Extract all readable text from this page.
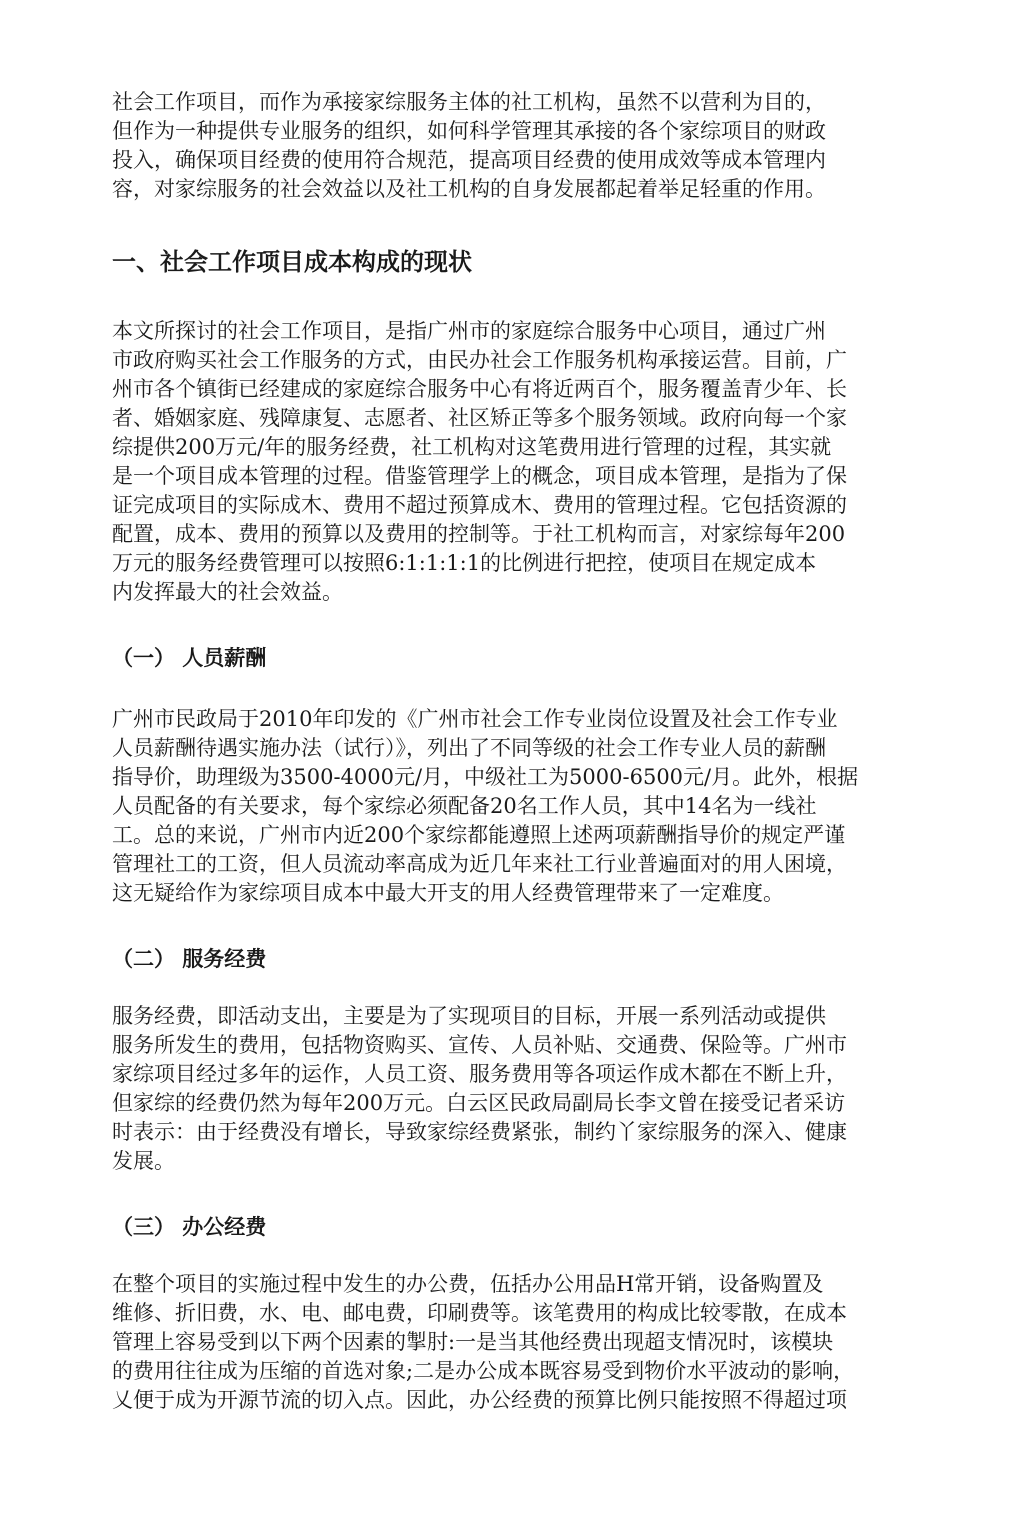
社会工作项目，而作为承接家综服务主体的社工机构，虽然不以营利为目的，
但作为一种提供专业服务的组织，如何科学管理其承接的各个家综项目的财政
投入，确保项目经费的使用符合规范，提高项目经费的使用成效等成本管理内
容，对家综服务的社会效益以及社工机构的自身发展都起着举足轻重的作用。

一、社会工作项目成本构成的现状

本文所探讨的社会工作项目，是指广州市的家庭综合服务中心项目，通过广州
市政府购买社会工作服务的方式，由民办社会工作服务机构承接运营。目前，广
州市各个镇街已经建成的家庭综合服务中心有将近两百个，服务覆盖青少年、长
者、婚姻家庭、残障康复、志愿者、社区矫正等多个服务领域。政府向每一个家
综提供200万元/年的服务经费，社工机构对这笔费用进行管理的过程，其实就
是一个项目成本管理的过程。借鉴管理学上的概念，项目成本管理，是指为了保
证完成项目的实际成木、费用不超过预算成木、费用的管理过程。它包括资源的
配置，成本、费用的预算以及费用的控制等。于社工机构而言，对家综每年200
万元的服务经费管理可以按照6:1:1:1:1的比例进行把控，使项目在规定成本
内发挥最大的社会效益。

（一） 人员薪酬

广州市民政局于2010年印发的《广州市社会工作专业岗位设置及社会工作专业
人员薪酬待遇实施办法（试行）》，列出了不同等级的社会工作专业人员的薪酬
指导价，助理级为3500-4000元/月，中级社工为5000-6500元/月。此外，根据
人员配备的有关要求，每个家综必须配备20名工作人员，其中14名为一线社
工。总的来说，广州市内近200个家综都能遵照上述两项薪酬指导价的规定严谨
管理社工的工资，但人员流动率高成为近几年来社工行业普遍面对的用人困境，
这无疑给作为家综项目成本中最大开支的用人经费管理带来了一定难度。

（二） 服务经费

服务经费，即活动支出，主要是为了实现项目的目标，开展一系列活动或提供
服务所发生的费用，包括物资购买、宣传、人员补贴、交通费、保险等。广州市
家综项目经过多年的运作，人员工资、服务费用等各项运作成木都在不断上升，
但家综的经费仍然为每年200万元。白云区民政局副局长李文曾在接受记者采访
时表示：由于经费没有增长，导致家综经费紧张，制约丫家综服务的深入、健康
发展。

（三） 办公经费

在整个项目的实施过程中发生的办公费，伍括办公用品H常开销，设备购置及
维修、折旧费，水、电、邮电费，印刷费等。该笔费用的构成比较零散，在成本
管理上容易受到以下两个因素的掣肘:一是当其他经费出现超支情况时，该模块
的费用往往成为压缩的首选对象;二是办公成本既容易受到物价水平波动的影响，
乂便于成为开源节流的切入点。因此，办公经费的预算比例只能按照不得超过项
